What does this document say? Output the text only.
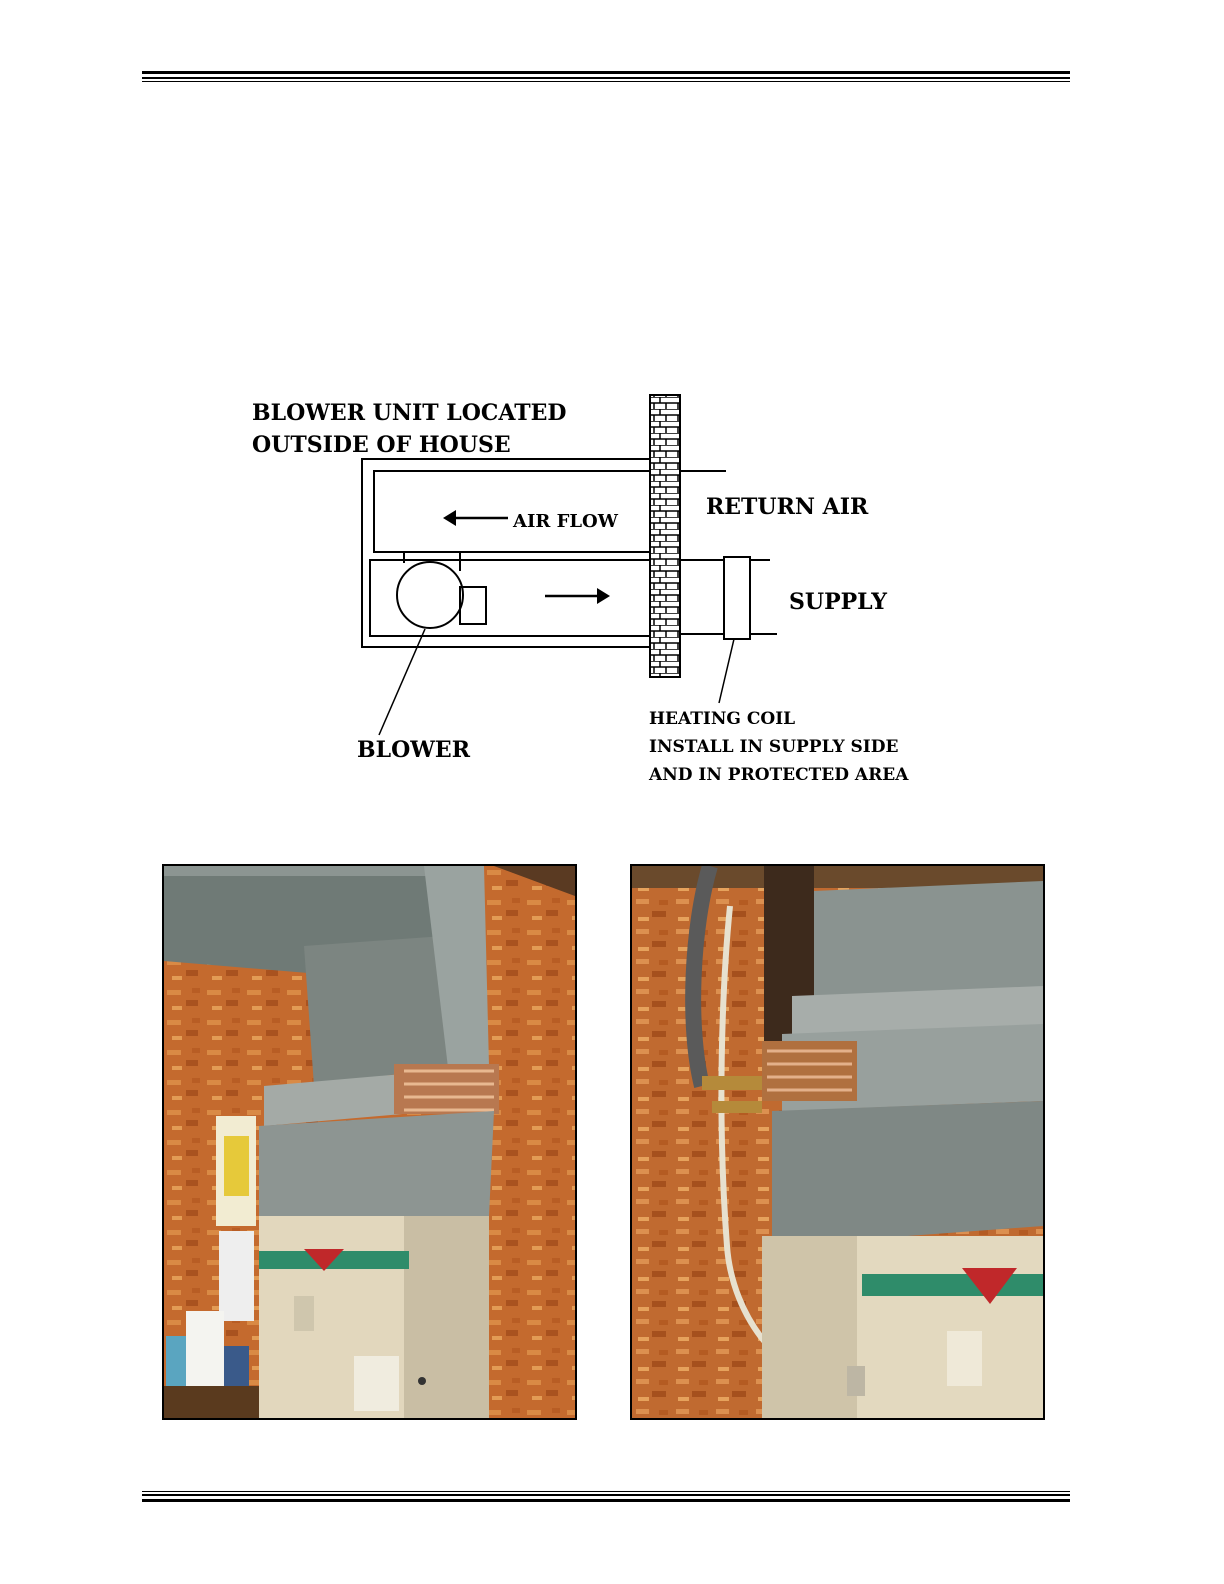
BLOWER UNIT LOCATED
OUTSIDE OF HOUSE
AIR FLOW
RETURN AIR
SUPPLY
BLOWER
HEATING COIL
INSTALL IN SUPPLY SIDE
AND IN PROTECTED AREA
